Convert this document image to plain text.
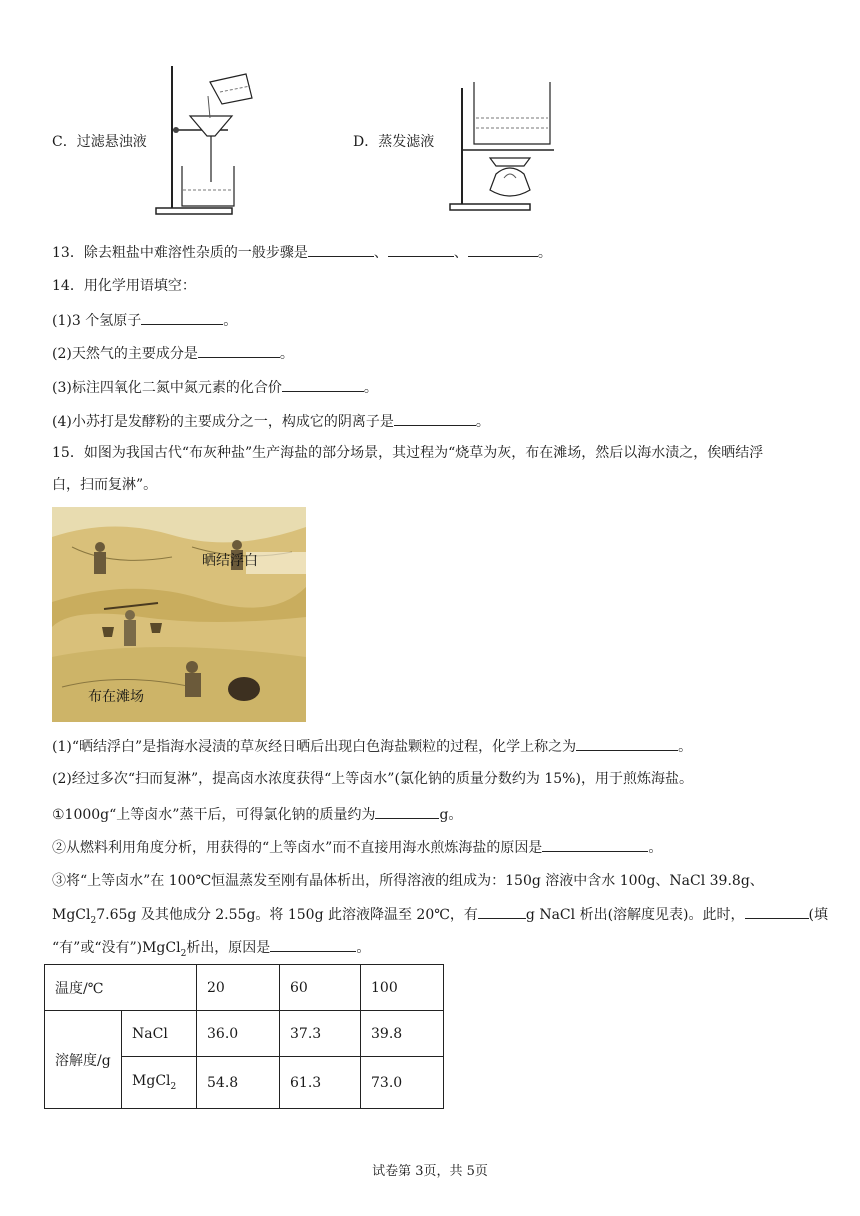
C．过滤悬浊液	D．蒸发滤液
13．除去粗盐中难溶性杂质的一般步骤是	、	、	。
14．用化学用语填空：
(1)3 个氢原子	。
(2)天然气的主要成分是	。
(3)标注四氧化二氮中氮元素的化合价	。
(4)小苏打是发酵粉的主要成分之一，构成它的阴离子是	。
15．如图为我国古代“布灰种盐”生产海盐的部分场景，其过程为“烧草为灰，布在滩场，然后以海水渍之，俟晒结浮
白，扫而复淋”。
晒结浮白
布在滩场
(1)“晒结浮白”是指海水浸渍的草灰经日晒后出现白色海盐颗粒的过程，化学上称之为	。
(2)经过多次“扫而复淋”，提高卤水浓度获得“上等卤水”(氯化钠的质量分数约为 15%)，用于煎炼海盐。
①1000g“上等卤水”蒸干后，可得氯化钠的质量约为	g。
②从燃料利用角度分析，用获得的“上等卤水”而不直接用海水煎炼海盐的原因是	。
③将“上等卤水”在 100℃恒温蒸发至刚有晶体析出，所得溶液的组成为：150g 溶液中含水 100g、NaCl 39.8g、
MgCl$_2$7.65g 及其他成分 2.55g。将 150g 此溶液降温至 20℃，有	g NaCl 析出(溶解度见表)。此时，	(填
“有”或“没有”)MgCl$_2$析出，原因是	。
温度/℃		20	60	100
溶解度/g	NaCl	36.0	37.3	39.8
	MgCl$_2$	54.8	61.3	73.0
试卷第 3页，共 5页
